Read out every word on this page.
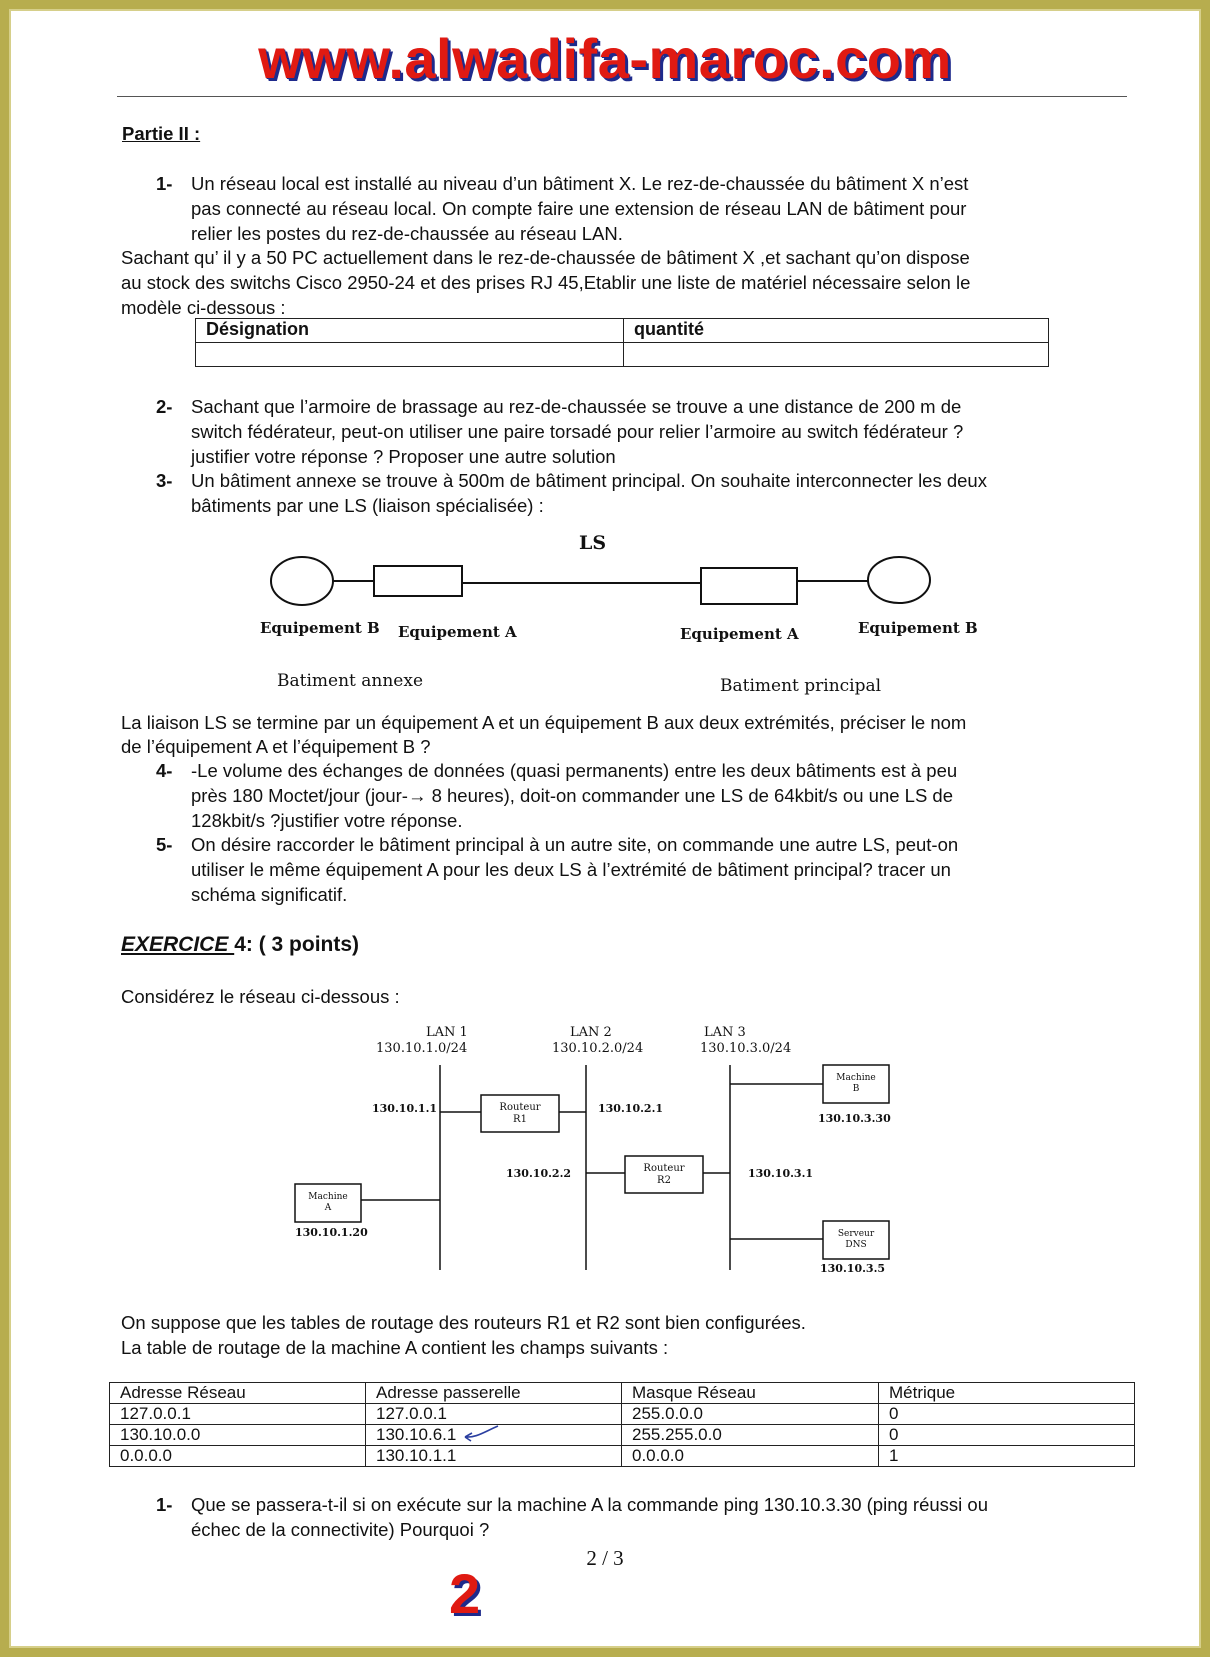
www.alwadifa-maroc.com
Partie II :
1- Un réseau local est installé au niveau d’un bâtiment X. Le rez-de-chaussée du bâtiment X n’est
pas connecté au réseau local. On compte faire une extension de réseau LAN de bâtiment pour
relier les postes du rez-de-chaussée au réseau LAN.
Sachant qu’ il y a 50 PC actuellement dans le rez-de-chaussée de bâtiment X ,et sachant qu’on dispose
au stock des switchs Cisco 2950-24 et des prises RJ 45,Etablir une liste de matériel nécessaire selon le
modèle ci-dessous :
Désignation	quantité

2- Sachant que l’armoire de brassage au rez-de-chaussée se trouve a une distance de 200 m de
switch fédérateur, peut-on utiliser une paire torsadé pour relier l’armoire au switch fédérateur ?
justifier votre réponse ? Proposer une autre solution
3- Un bâtiment annexe se trouve à 500m de bâtiment principal. On souhaite interconnecter les deux
bâtiments par une LS (liaison spécialisée) :
LS
Equipement B Equipement A	Equipement A	Equipement B
Batiment annexe	Batiment principal
La liaison LS se termine par un équipement A et un équipement B aux deux extrémités, préciser le nom
de l’équipement A et l’équipement B ?
4- -Le volume des échanges de données (quasi permanents) entre les deux bâtiments est à peu
près 180 Moctet/jour (jour-→ 8 heures), doit-on commander une LS de 64kbit/s ou une LS de
128kbit/s ?justifier votre réponse.
5- On désire raccorder le bâtiment principal à un autre site, on commande une autre LS, peut-on
utiliser le même équipement A pour les deux LS à l’extrémité de bâtiment principal? tracer un
schéma significatif.
EXERCICE 4: ( 3 points)
Considérez le réseau ci-dessous :
LAN 1
130.10.1.0/24
LAN 2
130.10.2.0/24
LAN 3
130.10.3.0/24
Routeur
R1
Routeur
R2
130.10.1.1	130.10.2.1
130.10.2.2	130.10.3.1
Machine
A
130.10.1.20
Machine
B
130.10.3.30
Serveur
DNS
130.10.3.5
On suppose que les tables de routage des routeurs R1 et R2 sont bien configurées.
La table de routage de la machine A contient les champs suivants :
Adresse Réseau	Adresse passerelle	Masque Réseau	Métrique
127.0.0.1	127.0.0.1	255.0.0.0	0
130.10.0.0	130.10.6.1	255.255.0.0	0
0.0.0.0	130.10.1.1	0.0.0.0	1
1- Que se passera-t-il si on exécute sur la machine A la commande ping 130.10.3.30 (ping réussi ou
échec de la connectivite) Pourquoi ?
2 / 3
2
